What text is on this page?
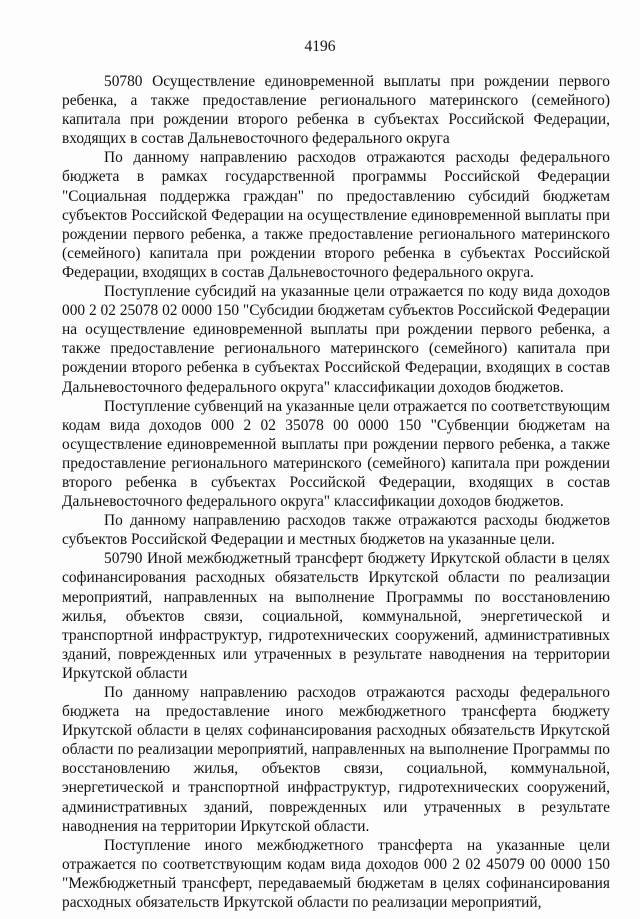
4196

50780 Осуществление единовременной выплаты при рождении первого ребенка, а также предоставление регионального материнского (семейного) капитала при рождении второго ребенка в субъектах Российской Федерации, входящих в состав Дальневосточного федерального округа

По данному направлению расходов отражаются расходы федерального бюджета в рамках государственной программы Российской Федерации "Социальная поддержка граждан" по предоставлению субсидий бюджетам субъектов Российской Федерации на осуществление единовременной выплаты при рождении первого ребенка, а также предоставление регионального материнского (семейного) капитала при рождении второго ребенка в субъектах Российской Федерации, входящих в состав Дальневосточного федерального округа.

Поступление субсидий на указанные цели отражается по коду вида доходов 000 2 02 25078 02 0000 150 "Субсидии бюджетам субъектов Российской Федерации на осуществление единовременной выплаты при рождении первого ребенка, а также предоставление регионального материнского (семейного) капитала при рождении второго ребенка в субъектах Российской Федерации, входящих в состав Дальневосточного федерального округа" классификации доходов бюджетов.

Поступление субвенций на указанные цели отражается по соответствующим кодам вида доходов 000 2 02 35078 00 0000 150 "Субвенции бюджетам на осуществление единовременной выплаты при рождении первого ребенка, а также предоставление регионального материнского (семейного) капитала при рождении второго ребенка в субъектах Российской Федерации, входящих в состав Дальневосточного федерального округа" классификации доходов бюджетов.

По данному направлению расходов также отражаются расходы бюджетов субъектов Российской Федерации и местных бюджетов на указанные цели.

50790 Иной межбюджетный трансферт бюджету Иркутской области в целях софинансирования расходных обязательств Иркутской области по реализации мероприятий, направленных на выполнение Программы по восстановлению жилья, объектов связи, социальной, коммунальной, энергетической и транспортной инфраструктур, гидротехнических сооружений, административных зданий, поврежденных или утраченных в результате наводнения на территории Иркутской области

По данному направлению расходов отражаются расходы федерального бюджета на предоставление иного межбюджетного трансферта бюджету Иркутской области в целях софинансирования расходных обязательств Иркутской области по реализации мероприятий, направленных на выполнение Программы по восстановлению жилья, объектов связи, социальной, коммунальной, энергетической и транспортной инфраструктур, гидротехнических сооружений, административных зданий, поврежденных или утраченных в результате наводнения на территории Иркутской области.

Поступление иного межбюджетного трансферта на указанные цели отражается по соответствующим кодам вида доходов 000 2 02 45079 00 0000 150 "Межбюджетный трансферт, передаваемый бюджетам в целях софинансирования расходных обязательств Иркутской области по реализации мероприятий,
